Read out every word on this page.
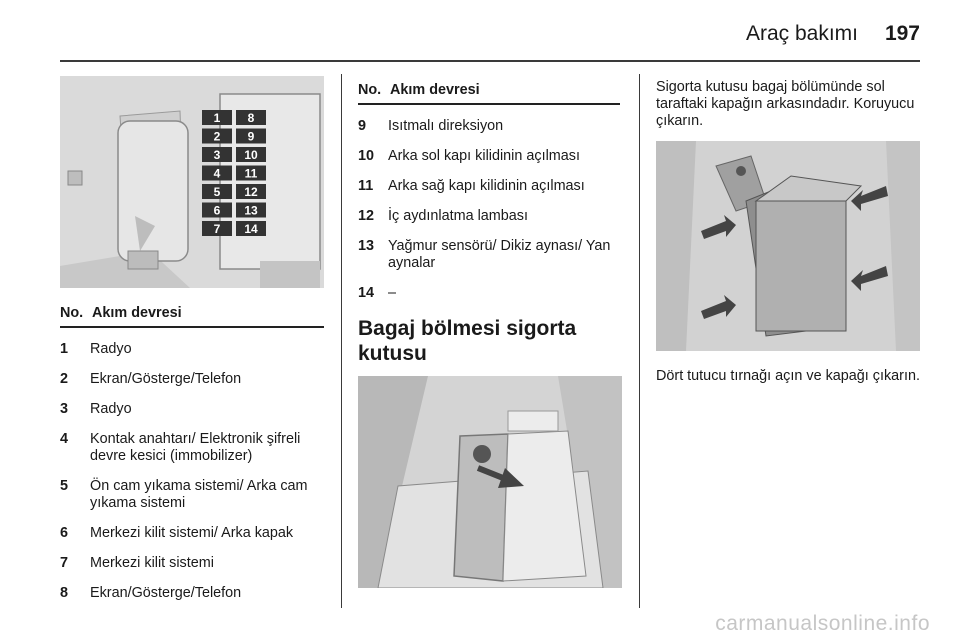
Araç bakımı	197
1 8
2 9
3 10
4 11
5 12
6 13
7 14
No. Akım devresi
1	Radyo
2	Ekran/Gösterge/Telefon
3	Radyo
4	Kontak anahtarı/ Elektronik şifreli devre kesici (immobilizer)
5	Ön cam yıkama sistemi/ Arka cam yıkama sistemi
6	Merkezi kilit sistemi/ Arka kapak
7	Merkezi kilit sistemi
8	Ekran/Gösterge/Telefon
No. Akım devresi
9	Isıtmalı direksiyon
10 Arka sol kapı kilidinin açılması
11	Arka sağ kapı kilidinin açılması
12 İç aydınlatma lambası
13 Yağmur sensörü/ Dikiz aynası/ Yan aynalar
14 –
Bagaj bölmesi sigorta kutusu
Sigorta kutusu bagaj bölümünde sol taraftaki kapağın arkasındadır. Koruyucu çıkarın.
Dört tutucu tırnağı açın ve kapağı çıkarın.
carmanualsonline.info
